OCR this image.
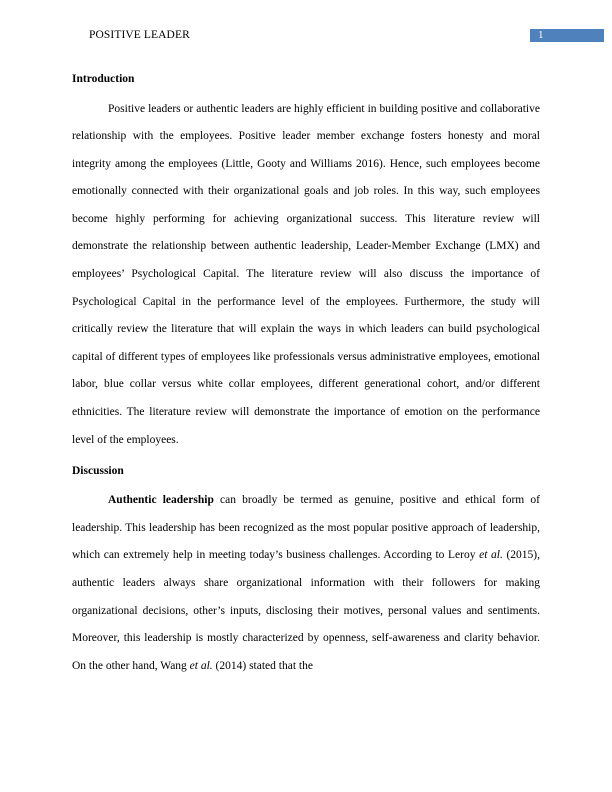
POSITIVE LEADER	1
Introduction

Positive leaders or authentic leaders are highly efficient in building positive and collaborative relationship with the employees. Positive leader member exchange fosters honesty and moral integrity among the employees (Little, Gooty and Williams 2016). Hence, such employees become emotionally connected with their organizational goals and job roles. In this way, such employees become highly performing for achieving organizational success. This literature review will demonstrate the relationship between authentic leadership, Leader-Member Exchange (LMX) and employees’ Psychological Capital. The literature review will also discuss the importance of Psychological Capital in the performance level of the employees. Furthermore, the study will critically review the literature that will explain the ways in which leaders can build psychological capital of different types of employees like professionals versus administrative employees, emotional labor, blue collar versus white collar employees, different generational cohort, and/or different ethnicities. The literature review will demonstrate the importance of emotion on the performance level of the employees.

Discussion

Authentic leadership can broadly be termed as genuine, positive and ethical form of leadership. This leadership has been recognized as the most popular positive approach of leadership, which can extremely help in meeting today’s business challenges. According to Leroy et al. (2015), authentic leaders always share organizational information with their followers for making organizational decisions, other’s inputs, disclosing their motives, personal values and sentiments. Moreover, this leadership is mostly characterized by openness, self-awareness and clarity behavior. On the other hand, Wang et al. (2014) stated that the
